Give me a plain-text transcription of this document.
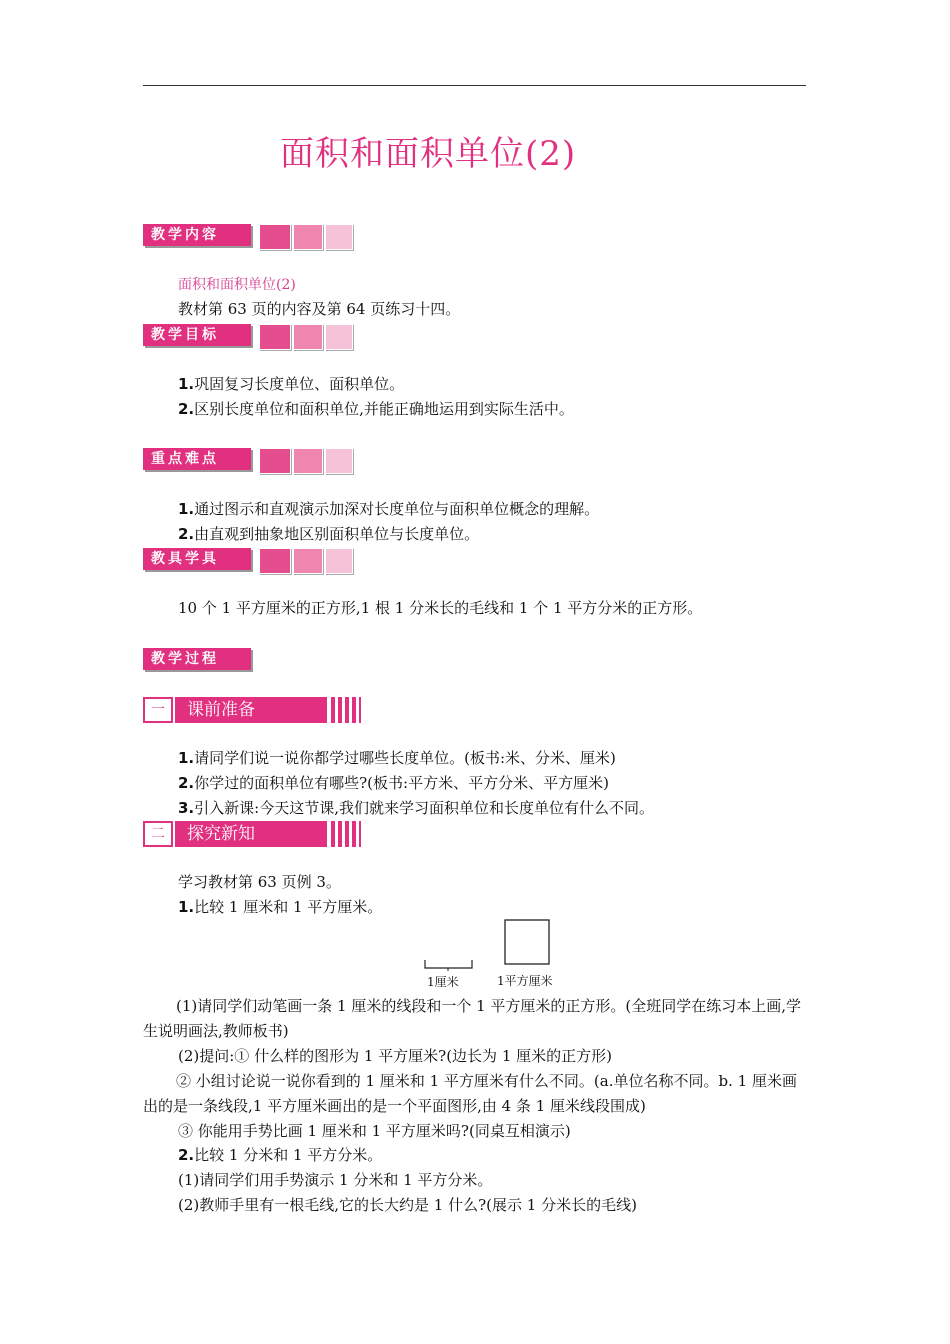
面积和面积单位(2)
教学内容
面积和面积单位(2)
教材第 63 页的内容及第 64 页练习十四。
教学目标
1.巩固复习长度单位、面积单位。
2.区别长度单位和面积单位,并能正确地运用到实际生活中。
重点难点
1.通过图示和直观演示加深对长度单位与面积单位概念的理解。
2.由直观到抽象地区别面积单位与长度单位。
教具学具
10 个 1 平方厘米的正方形,1 根 1 分米长的毛线和 1 个 1 平方分米的正方形。
教学过程
一	课前准备
1.请同学们说一说你都学过哪些长度单位。(板书:米、分米、厘米)
2.你学过的面积单位有哪些?(板书:平方米、平方分米、平方厘米)
3.引入新课:今天这节课,我们就来学习面积单位和长度单位有什么不同。
二	探究新知
学习教材第 63 页例 3。
1.比较 1 厘米和 1 平方厘米。
1厘米	1平方厘米
(1)请同学们动笔画一条 1 厘米的线段和一个 1 平方厘米的正方形。(全班同学在练习本上画,学生说明画法,教师板书)
(2)提问:① 什么样的图形为 1 平方厘米?(边长为 1 厘米的正方形)
② 小组讨论说一说你看到的 1 厘米和 1 平方厘米有什么不同。(a.单位名称不同。b. 1 厘米画出的是一条线段,1 平方厘米画出的是一个平面图形,由 4 条 1 厘米线段围成)
③ 你能用手势比画 1 厘米和 1 平方厘米吗?(同桌互相演示)
2.比较 1 分米和 1 平方分米。
(1)请同学们用手势演示 1 分米和 1 平方分米。
(2)教师手里有一根毛线,它的长大约是 1 什么?(展示 1 分米长的毛线)
